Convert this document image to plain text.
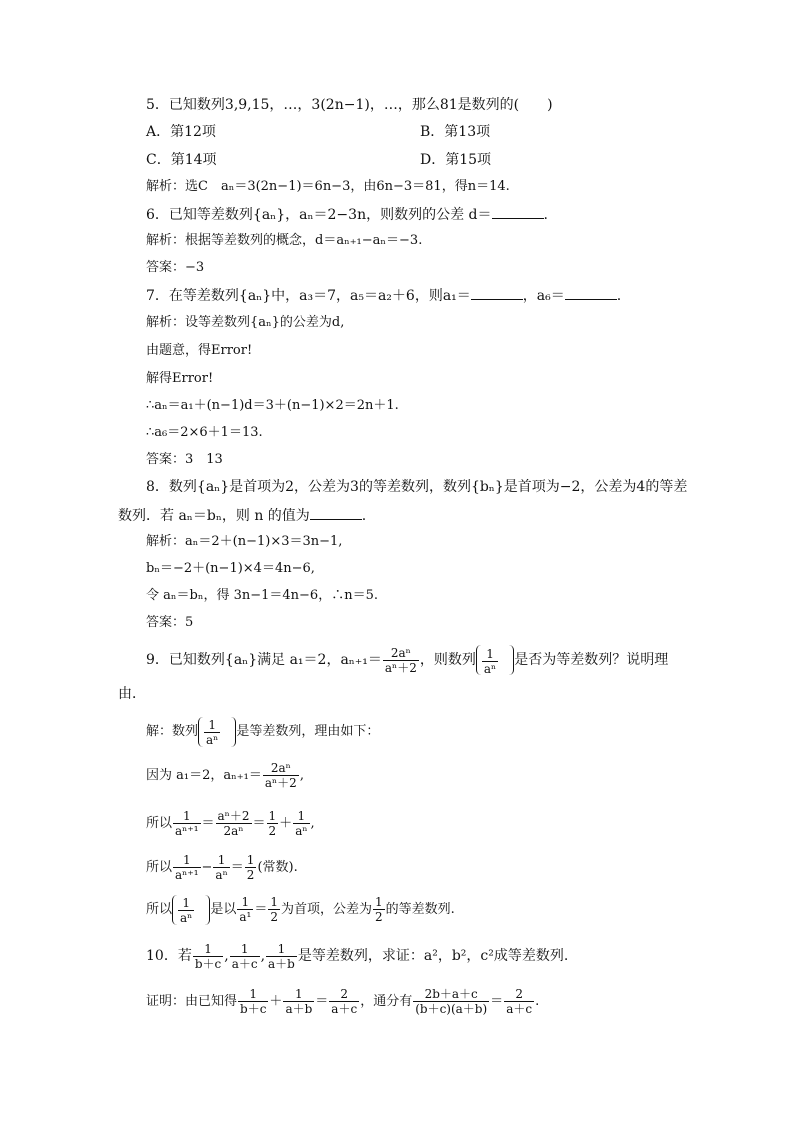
5．已知数列3,9,15，…，3(2n−1)，…，那么81是数列的(　　)
A．第12项	B．第13项
C．第14项	D．第15项
解析：选C　aₙ＝3(2n−1)＝6n−3，由6n−3＝81，得n＝14.
6．已知等差数列{aₙ}，aₙ＝2−3n，则数列的公差 d＝	.
解析：根据等差数列的概念，d＝aₙ₊₁−aₙ＝−3.
答案：−3
7．在等差数列{aₙ}中，a₃＝7，a₅＝a₂＋6，则a₁＝	，a₆＝	.
解析：设等差数列{aₙ}的公差为d,
由题意，得Error!
解得Error!
∴aₙ＝a₁＋(n−1)d＝3＋(n−1)×2＝2n＋1.
∴a₆＝2×6＋1＝13.
答案：3　13
8．数列{aₙ}是首项为2，公差为3的等差数列，数列{bₙ}是首项为−2，公差为4的等差
数列．若 aₙ＝bₙ，则 n 的值为	.
解析：aₙ＝2＋(n−1)×3＝3n−1,
bₙ＝−2＋(n−1)×4＝4n−6,
令 aₙ＝bₙ，得 3n−1＝4n−6，∴n＝5.
答案：5
9．已知数列{aₙ}满足 a₁＝2，$a_{n+1}= \frac{\text{2aⁿ}}{\text{aⁿ＋2}}$ ，则数列 $\frac{1}{\text{aⁿ}}$ 是否为等差数列？说明理
由．
解：数列 $\frac{1}{\text{aⁿ}}$ 是等差数列，理由如下：
因为 a₁＝2，$a_{n+1}= \frac{\text{2aⁿ}}{\text{aⁿ＋2}}$ ,
所以 $\frac{1}{\text{aⁿ⁺¹}} = \frac{\text{aⁿ＋2}}{\text{2aⁿ}} = \frac{1}{2} + \frac{1}{\text{aⁿ}}$ ,
所以 $\frac{1}{\text{aⁿ⁺¹}} - \frac{1}{\text{aⁿ}} = \frac{1}{2}$ (常数).
所以 $\frac{1}{\text{aⁿ}}$ 是以 $\frac{1}{\text{a¹}} = \frac{1}{2}$ 为首项，公差为 $\frac{1}{2}$ 的等差数列.
10．若 $\frac{1}{b+c}$ , $\frac{1}{a+c}$ , $\frac{1}{a+b}$ 是等差数列，求证：a²，b²，c²成等差数列.
证明：由已知得 $\frac{1}{b+c} + \frac{1}{a+b} = \frac{2}{a+c}$ ，通分有 $\frac{2b+a+c}{(b+c)(a+b)} = \frac{2}{a+c}$ .
